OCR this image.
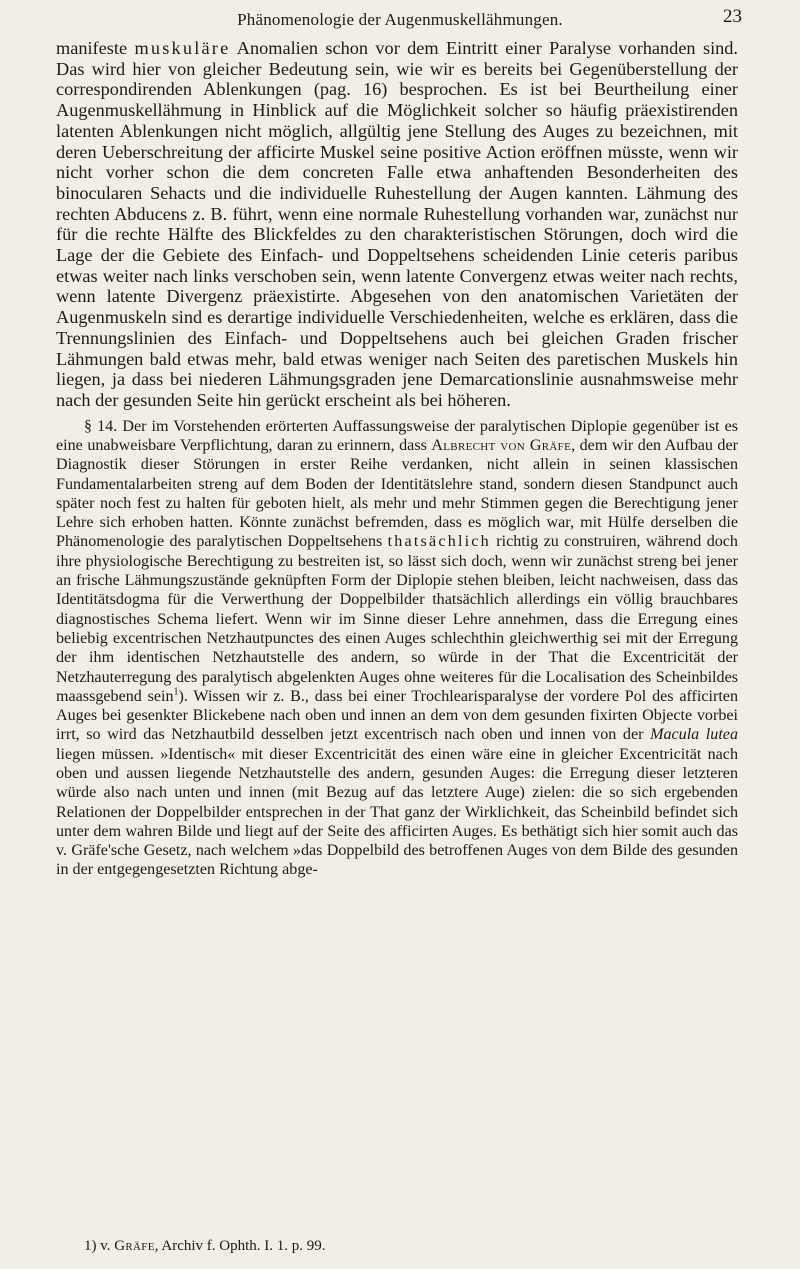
Phänomenologie der Augenmuskellähmungen.	23

manifeste muskuläre Anomalien schon vor dem Eintritt einer Paralyse vorhanden sind. Das wird hier von gleicher Bedeutung sein, wie wir es bereits bei Gegenüberstellung der correspondirenden Ablenkungen (pag. 16) besprochen. Es ist bei Beurtheilung einer Augenmuskellähmung in Hinblick auf die Möglichkeit solcher so häufig präexistirenden latenten Ablenkungen nicht möglich, allgültig jene Stellung des Auges zu bezeichnen, mit deren Ueberschreitung der afficirte Muskel seine positive Action eröffnen müsste, wenn wir nicht vorher schon die dem concreten Falle etwa anhaftenden Besonderheiten des binocularen Sehacts und die individuelle Ruhestellung der Augen kannten. Lähmung des rechten Abducens z. B. führt, wenn eine normale Ruhestellung vorhanden war, zunächst nur für die rechte Hälfte des Blickfeldes zu den charakteristischen Störungen, doch wird die Lage der die Gebiete des Einfach- und Doppeltsehens scheidenden Linie ceteris paribus etwas weiter nach links verschoben sein, wenn latente Convergenz etwas weiter nach rechts, wenn latente Divergenz präexistirte. Abgesehen von den anatomischen Varietäten der Augenmuskeln sind es derartige individuelle Verschiedenheiten, welche es erklären, dass die Trennungslinien des Einfach- und Doppeltsehens auch bei gleichen Graden frischer Lähmungen bald etwas mehr, bald etwas weniger nach Seiten des paretischen Muskels hin liegen, ja dass bei niederen Lähmungsgraden jene Demarcationslinie ausnahmsweise mehr nach der gesunden Seite hin gerückt erscheint als bei höheren.

§ 14. Der im Vorstehenden erörterten Auffassungsweise der paralytischen Diplopie gegenüber ist es eine unabweisbare Verpflichtung, daran zu erinnern, dass Albrecht von Gräfe, dem wir den Aufbau der Diagnostik dieser Störungen in erster Reihe verdanken, nicht allein in seinen klassischen Fundamentalarbeiten streng auf dem Boden der Identitätslehre stand, sondern diesen Standpunct auch später noch fest zu halten für geboten hielt, als mehr und mehr Stimmen gegen die Berechtigung jener Lehre sich erhoben hatten. Könnte zunächst befremden, dass es möglich war, mit Hülfe derselben die Phänomenologie des paralytischen Doppeltsehens thatsächlich richtig zu construiren, während doch ihre physiologische Berechtigung zu bestreiten ist, so lässt sich doch, wenn wir zunächst streng bei jener an frische Lähmungszustände geknüpften Form der Diplopie stehen bleiben, leicht nachweisen, dass das Identitätsdogma für die Verwerthung der Doppelbilder thatsächlich allerdings ein völlig brauchbares diagnostisches Schema liefert. Wenn wir im Sinne dieser Lehre annehmen, dass die Erregung eines beliebig excentrischen Netzhautpunctes des einen Auges schlechthin gleichwerthig sei mit der Erregung der ihm identischen Netzhautstelle des andern, so würde in der That die Excentricität der Netzhauterregung des paralytisch abgelenkten Auges ohne weiteres für die Localisation des Scheinbildes maassgebend sein$^1$). Wissen wir z. B., dass bei einer Trochlearisparalyse der vordere Pol des afficirten Auges bei gesenkter Blickebene nach oben und innen an dem von dem gesunden fixirten Objecte vorbei irrt, so wird das Netzhautbild desselben jetzt excentrisch nach oben und innen von der Macula lutea liegen müssen. »Identisch« mit dieser Excentricität des einen wäre eine in gleicher Excentricität nach oben und aussen liegende Netzhautstelle des andern, gesunden Auges: die Erregung dieser letzteren würde also nach unten und innen (mit Bezug auf das letztere Auge) zielen: die so sich ergebenden Relationen der Doppelbilder entsprechen in der That ganz der Wirklichkeit, das Scheinbild befindet sich unter dem wahren Bilde und liegt auf der Seite des afficirten Auges. Es bethätigt sich hier somit auch das v. Gräfe'sche Gesetz, nach welchem »das Doppelbild des betroffenen Auges von dem Bilde des gesunden in der entgegengesetzten Richtung abge-

1) v. Gräfe, Archiv f. Ophth. I. 1. p. 99.
